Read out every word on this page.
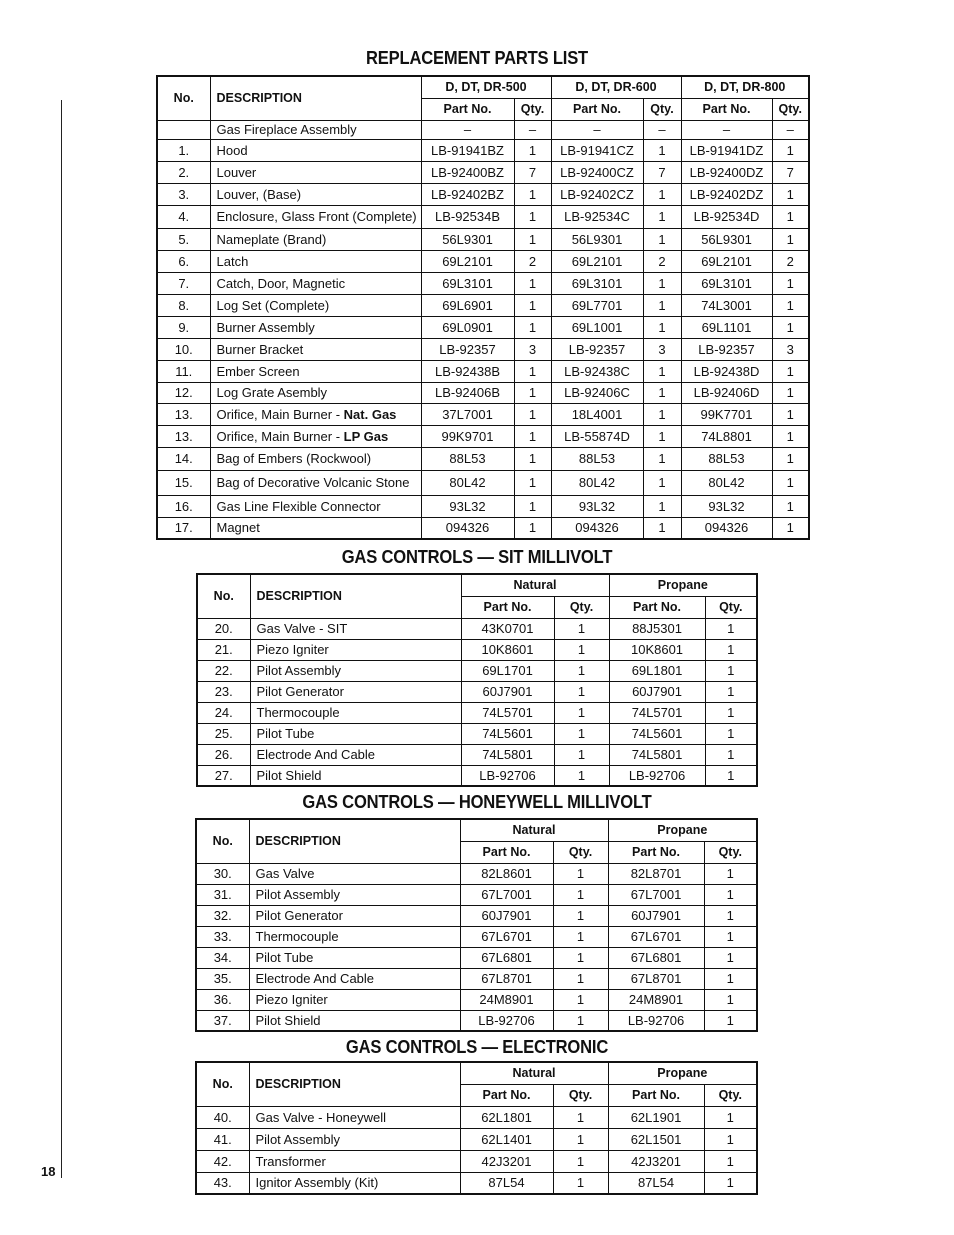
18
REPLACEMENT PARTS LIST
No.	DESCRIPTION	D, DT, DR-500		D, DT, DR-600		D, DT, DR-800	
		Part No.	Qty.	Part No.	Qty.	Part No.	Qty.
	Gas Fireplace Assembly	–	–	–	–	–	–
1.	Hood	LB-91941BZ	1	LB-91941CZ	1	LB-91941DZ	1
2.	Louver	LB-92400BZ	7	LB-92400CZ	7	LB-92400DZ	7
3.	Louver, (Base)	LB-92402BZ	1	LB-92402CZ	1	LB-92402DZ	1
4.	Enclosure, Glass Front (Complete)	LB-92534B	1	LB-92534C	1	LB-92534D	1
5.	Nameplate (Brand)	56L9301	1	56L9301	1	56L9301	1
6.	Latch	69L2101	2	69L2101	2	69L2101	2
7.	Catch, Door, Magnetic	69L3101	1	69L3101	1	69L3101	1
8.	Log Set (Complete)	69L6901	1	69L7701	1	74L3001	1
9.	Burner Assembly	69L0901	1	69L1001	1	69L1101	1
10.	Burner Bracket	LB-92357	3	LB-92357	3	LB-92357	3
11.	Ember Screen	LB-92438B	1	LB-92438C	1	LB-92438D	1
12.	Log Grate Asembly	LB-92406B	1	LB-92406C	1	LB-92406D	1
13.	Orifice, Main Burner - Nat. Gas	37L7001	1	18L4001	1	99K7701	1
13.	Orifice, Main Burner - LP Gas	99K9701	1	LB-55874D	1	74L8801	1
14.	Bag of Embers (Rockwool)	88L53	1	88L53	1	88L53	1
15.	Bag of Decorative Volcanic Stone	80L42	1	80L42	1	80L42	1
16.	Gas Line Flexible Connector	93L32	1	93L32	1	93L32	1
17.	Magnet	094326	1	094326	1	094326	1
GAS CONTROLS — SIT MILLIVOLT
No.	DESCRIPTION	Natural		Propane	
		Part No.	Qty.	Part No.	Qty.
20.	Gas Valve - SIT	43K0701	1	88J5301	1
21.	Piezo Igniter	10K8601	1	10K8601	1
22.	Pilot Assembly	69L1701	1	69L1801	1
23.	Pilot Generator	60J7901	1	60J7901	1
24.	Thermocouple	74L5701	1	74L5701	1
25.	Pilot Tube	74L5601	1	74L5601	1
26.	Electrode And Cable	74L5801	1	74L5801	1
27.	Pilot Shield	LB-92706	1	LB-92706	1
GAS CONTROLS — HONEYWELL MILLIVOLT
No.	DESCRIPTION	Natural		Propane	
		Part No.	Qty.	Part No.	Qty.
30.	Gas Valve	82L8601	1	82L8701	1
31.	Pilot Assembly	67L7001	1	67L7001	1
32.	Pilot Generator	60J7901	1	60J7901	1
33.	Thermocouple	67L6701	1	67L6701	1
34.	Pilot Tube	67L6801	1	67L6801	1
35.	Electrode And Cable	67L8701	1	67L8701	1
36.	Piezo Igniter	24M8901	1	24M8901	1
37.	Pilot Shield	LB-92706	1	LB-92706	1
GAS CONTROLS — ELECTRONIC
No.	DESCRIPTION	Natural		Propane	
		Part No.	Qty.	Part No.	Qty.
40.	Gas Valve - Honeywell	62L1801	1	62L1901	1
41.	Pilot Assembly	62L1401	1	62L1501	1
42.	Transformer	42J3201	1	42J3201	1
43.	Ignitor Assembly (Kit)	87L54	1	87L54	1
